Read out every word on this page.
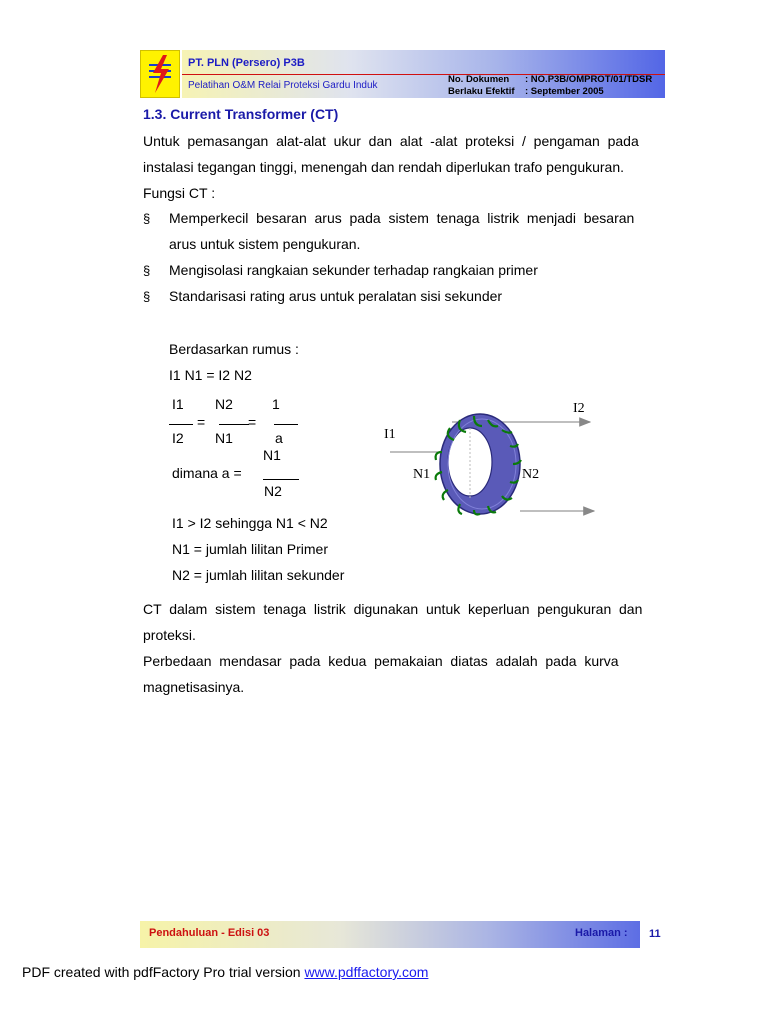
PT. PLN (Persero) P3B
Pelatihan O&M Relai Proteksi Gardu Induk
No. Dokumen : NO.P3B/OMPROT/01/TDSR
Berlaku Efektif : September 2005
1.3. Current Transformer (CT)
Untuk  pemasangan  alat-alat  ukur  dan  alat  -alat  proteksi  /  pengaman  pada
instalasi tegangan tinggi, menengah dan rendah diperlukan trafo pengukuran.
Fungsi CT :
§ Memperkecil  besaran  arus  pada  sistem  tenaga  listrik  menjadi  besaran
arus untuk sistem pengukuran.
§ Mengisolasi rangkaian sekunder terhadap rangkaian primer
§ Standarisasi rating arus untuk peralatan sisi sekunder
Berdasarkan rumus :
I1 N1 = I2 N2
I1
I2
=
N2
N1
=
1
a
N1
dimana a =
N2
I1 > I2 sehingga N1 < N2
N1 = jumlah lilitan Primer
N2 = jumlah lilitan sekunder
I1
I2
N1	N2
CT  dalam  sistem  tenaga  listrik  digunakan  untuk  keperluan  pengukuran  dan
proteksi.
Perbedaan  mendasar  pada  kedua  pemakaian  diatas  adalah  pada  kurva
magnetisasinya.
Pendahuluan - Edisi 03	Halaman : 11
PDF created with pdfFactory Pro trial version www.pdffactory.com
